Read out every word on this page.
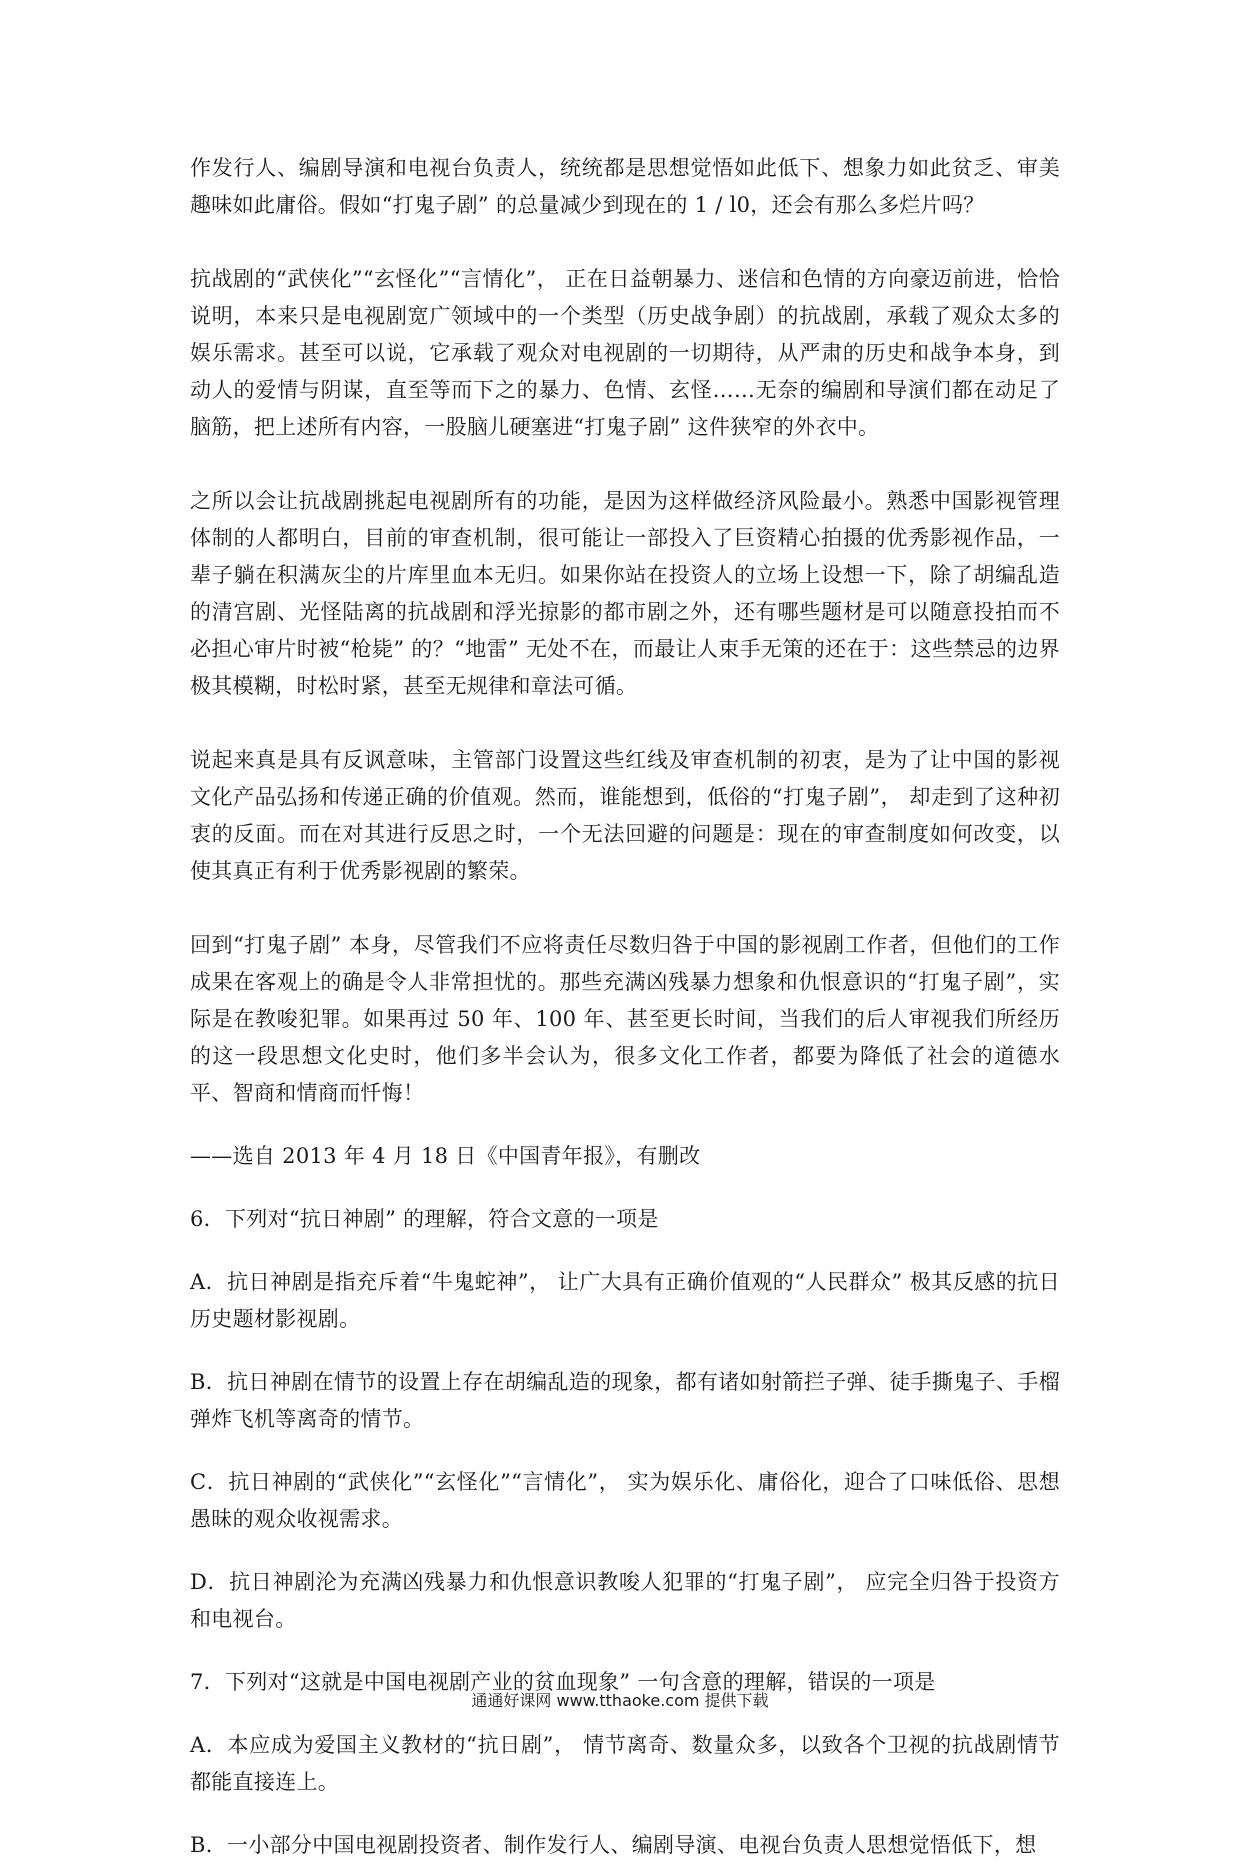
作发行人、编剧导演和电视台负责人，统统都是思想觉悟如此低下、想象力如此贫乏、审美趣味如此庸俗。假如“打鬼子剧” 的总量减少到现在的 1 / l0，还会有那么多烂片吗？

抗战剧的“武侠化”“玄怪化”“言情化”， 正在日益朝暴力、迷信和色情的方向豪迈前进，恰恰说明，本来只是电视剧宽广领域中的一个类型（历史战争剧）的抗战剧，承载了观众太多的娱乐需求。甚至可以说，它承载了观众对电视剧的一切期待，从严肃的历史和战争本身，到动人的爱情与阴谋，直至等而下之的暴力、色情、玄怪……无奈的编剧和导演们都在动足了脑筋，把上述所有内容，一股脑儿硬塞进“打鬼子剧” 这件狭窄的外衣中。

之所以会让抗战剧挑起电视剧所有的功能，是因为这样做经济风险最小。熟悉中国影视管理体制的人都明白，目前的审查机制，很可能让一部投入了巨资精心拍摄的优秀影视作品，一辈子躺在积满灰尘的片库里血本无归。如果你站在投资人的立场上设想一下，除了胡编乱造的清宫剧、光怪陆离的抗战剧和浮光掠影的都市剧之外，还有哪些题材是可以随意投拍而不必担心审片时被“枪毙” 的？“地雷” 无处不在，而最让人束手无策的还在于：这些禁忌的边界极其模糊，时松时紧，甚至无规律和章法可循。

说起来真是具有反讽意味，主管部门设置这些红线及审查机制的初衷，是为了让中国的影视文化产品弘扬和传递正确的价值观。然而，谁能想到，低俗的“打鬼子剧”， 却走到了这种初衷的反面。而在对其进行反思之时，一个无法回避的问题是：现在的审查制度如何改变，以使其真正有利于优秀影视剧的繁荣。

回到“打鬼子剧” 本身，尽管我们不应将责任尽数归咎于中国的影视剧工作者，但他们的工作成果在客观上的确是令人非常担忧的。那些充满凶残暴力想象和仇恨意识的“打鬼子剧”，实际是在教唆犯罪。如果再过 50 年、100 年、甚至更长时间，当我们的后人审视我们所经历的这一段思想文化史时，他们多半会认为，很多文化工作者，都要为降低了社会的道德水平、智商和情商而忏悔！

——选自 2013 年 4 月 18 日《中国青年报》，有删改

6．下列对“抗日神剧” 的理解，符合文意的一项是

A．抗日神剧是指充斥着“牛鬼蛇神”， 让广大具有正确价值观的“人民群众” 极其反感的抗日历史题材影视剧。

B．抗日神剧在情节的设置上存在胡编乱造的现象，都有诸如射箭拦子弹、徒手撕鬼子、手榴弹炸飞机等离奇的情节。

C．抗日神剧的“武侠化”“玄怪化”“言情化”， 实为娱乐化、庸俗化，迎合了口味低俗、思想愚昧的观众收视需求。

D．抗日神剧沦为充满凶残暴力和仇恨意识教唆人犯罪的“打鬼子剧”， 应完全归咎于投资方和电视台。

7．下列对“这就是中国电视剧产业的贫血现象” 一句含意的理解，错误的一项是

A．本应成为爱国主义教材的“抗日剧”， 情节离奇、数量众多，以致各个卫视的抗战剧情节都能直接连上。

B．一小部分中国电视剧投资者、制作发行人、编剧导演、电视台负责人思想觉悟低下，想

通通好课网 www.tthaoke.com 提供下载
